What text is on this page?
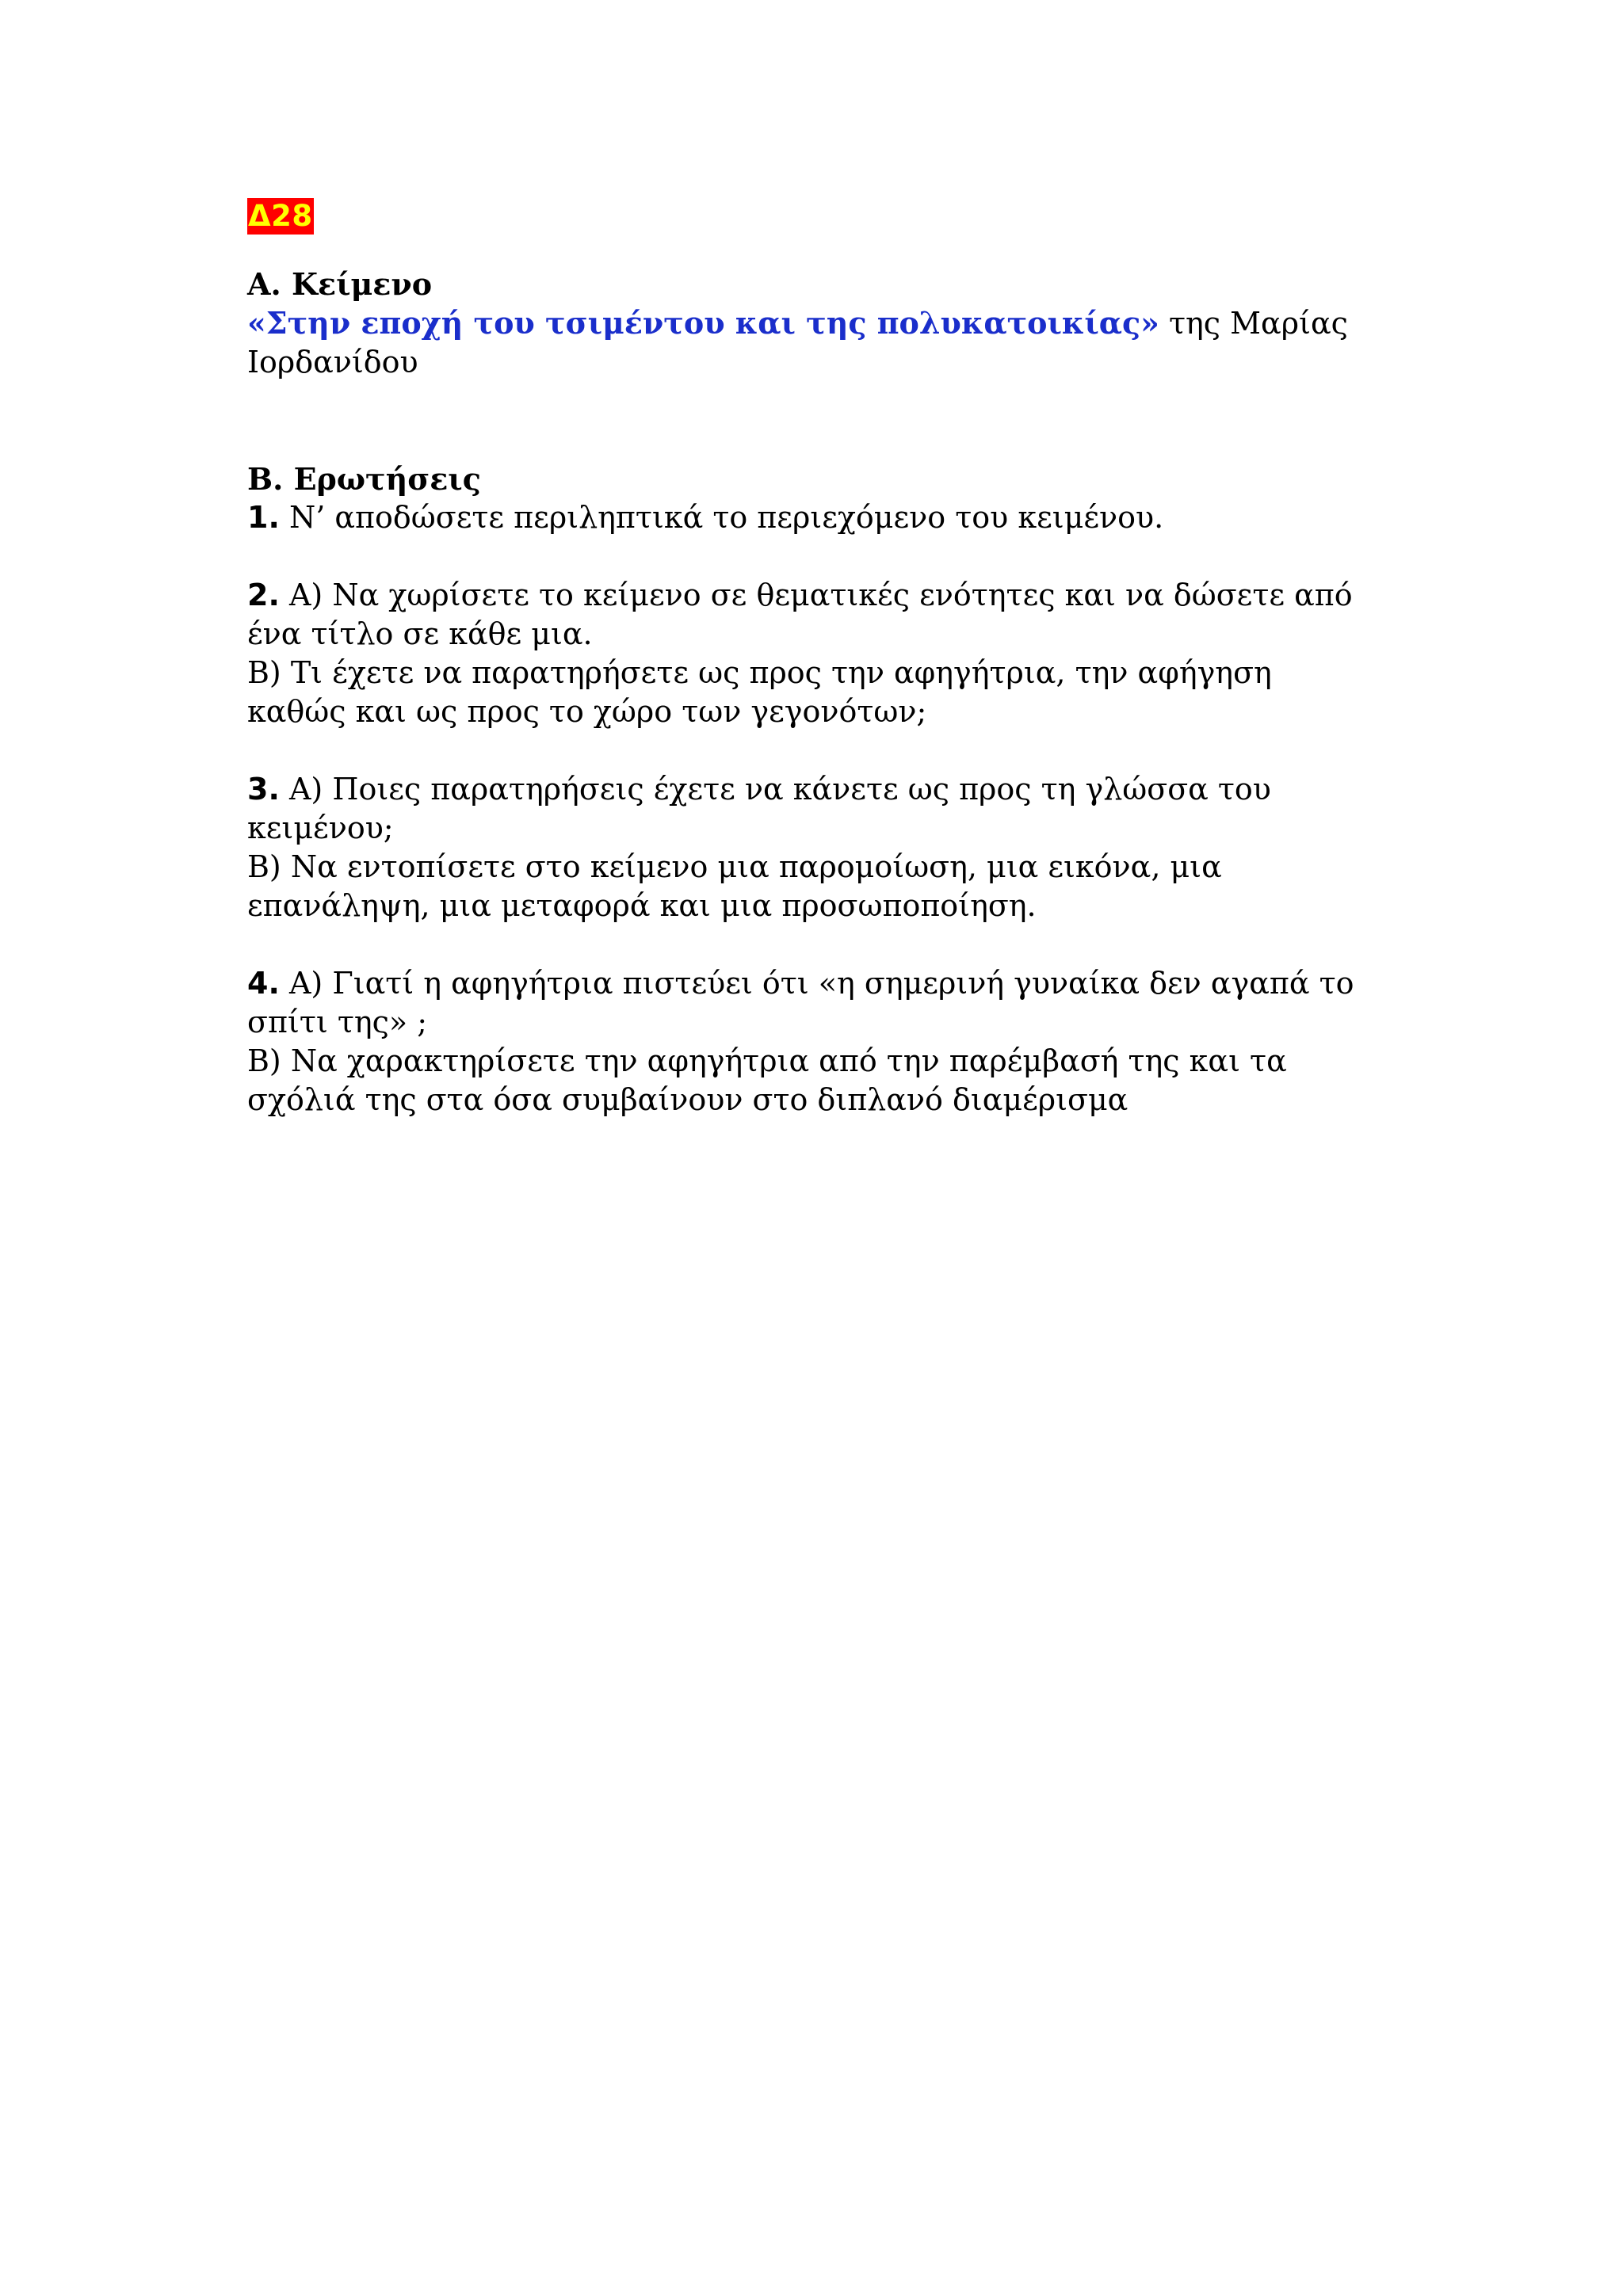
Δ28
Α. Κείμενο
«Στην εποχή του τσιμέντου και της πολυκατοικίας» της Μαρίας
Ιορδανίδου
Β. Ερωτήσεις
1. Ν’ αποδώσετε περιληπτικά το περιεχόμενο του κειμένου.
2. Α) Να χωρίσετε το κείμενο σε θεματικές ενότητες και να δώσετε από
ένα τίτλο σε κάθε μια.
Β) Τι έχετε να παρατηρήσετε ως προς την αφηγήτρια, την αφήγηση
καθώς και ως προς το χώρο των γεγονότων;
3. Α) Ποιες παρατηρήσεις έχετε να κάνετε ως προς τη γλώσσα του
κειμένου;
Β) Να εντοπίσετε στο κείμενο μια παρομοίωση, μια εικόνα, μια
επανάληψη, μια μεταφορά και μια προσωποποίηση.
4. Α) Γιατί η αφηγήτρια πιστεύει ότι «η σημερινή γυναίκα δεν αγαπά το
σπίτι της» ;
Β) Να χαρακτηρίσετε την αφηγήτρια από την παρέμβασή της και τα
σχόλιά της στα όσα συμβαίνουν στο διπλανό διαμέρισμα
